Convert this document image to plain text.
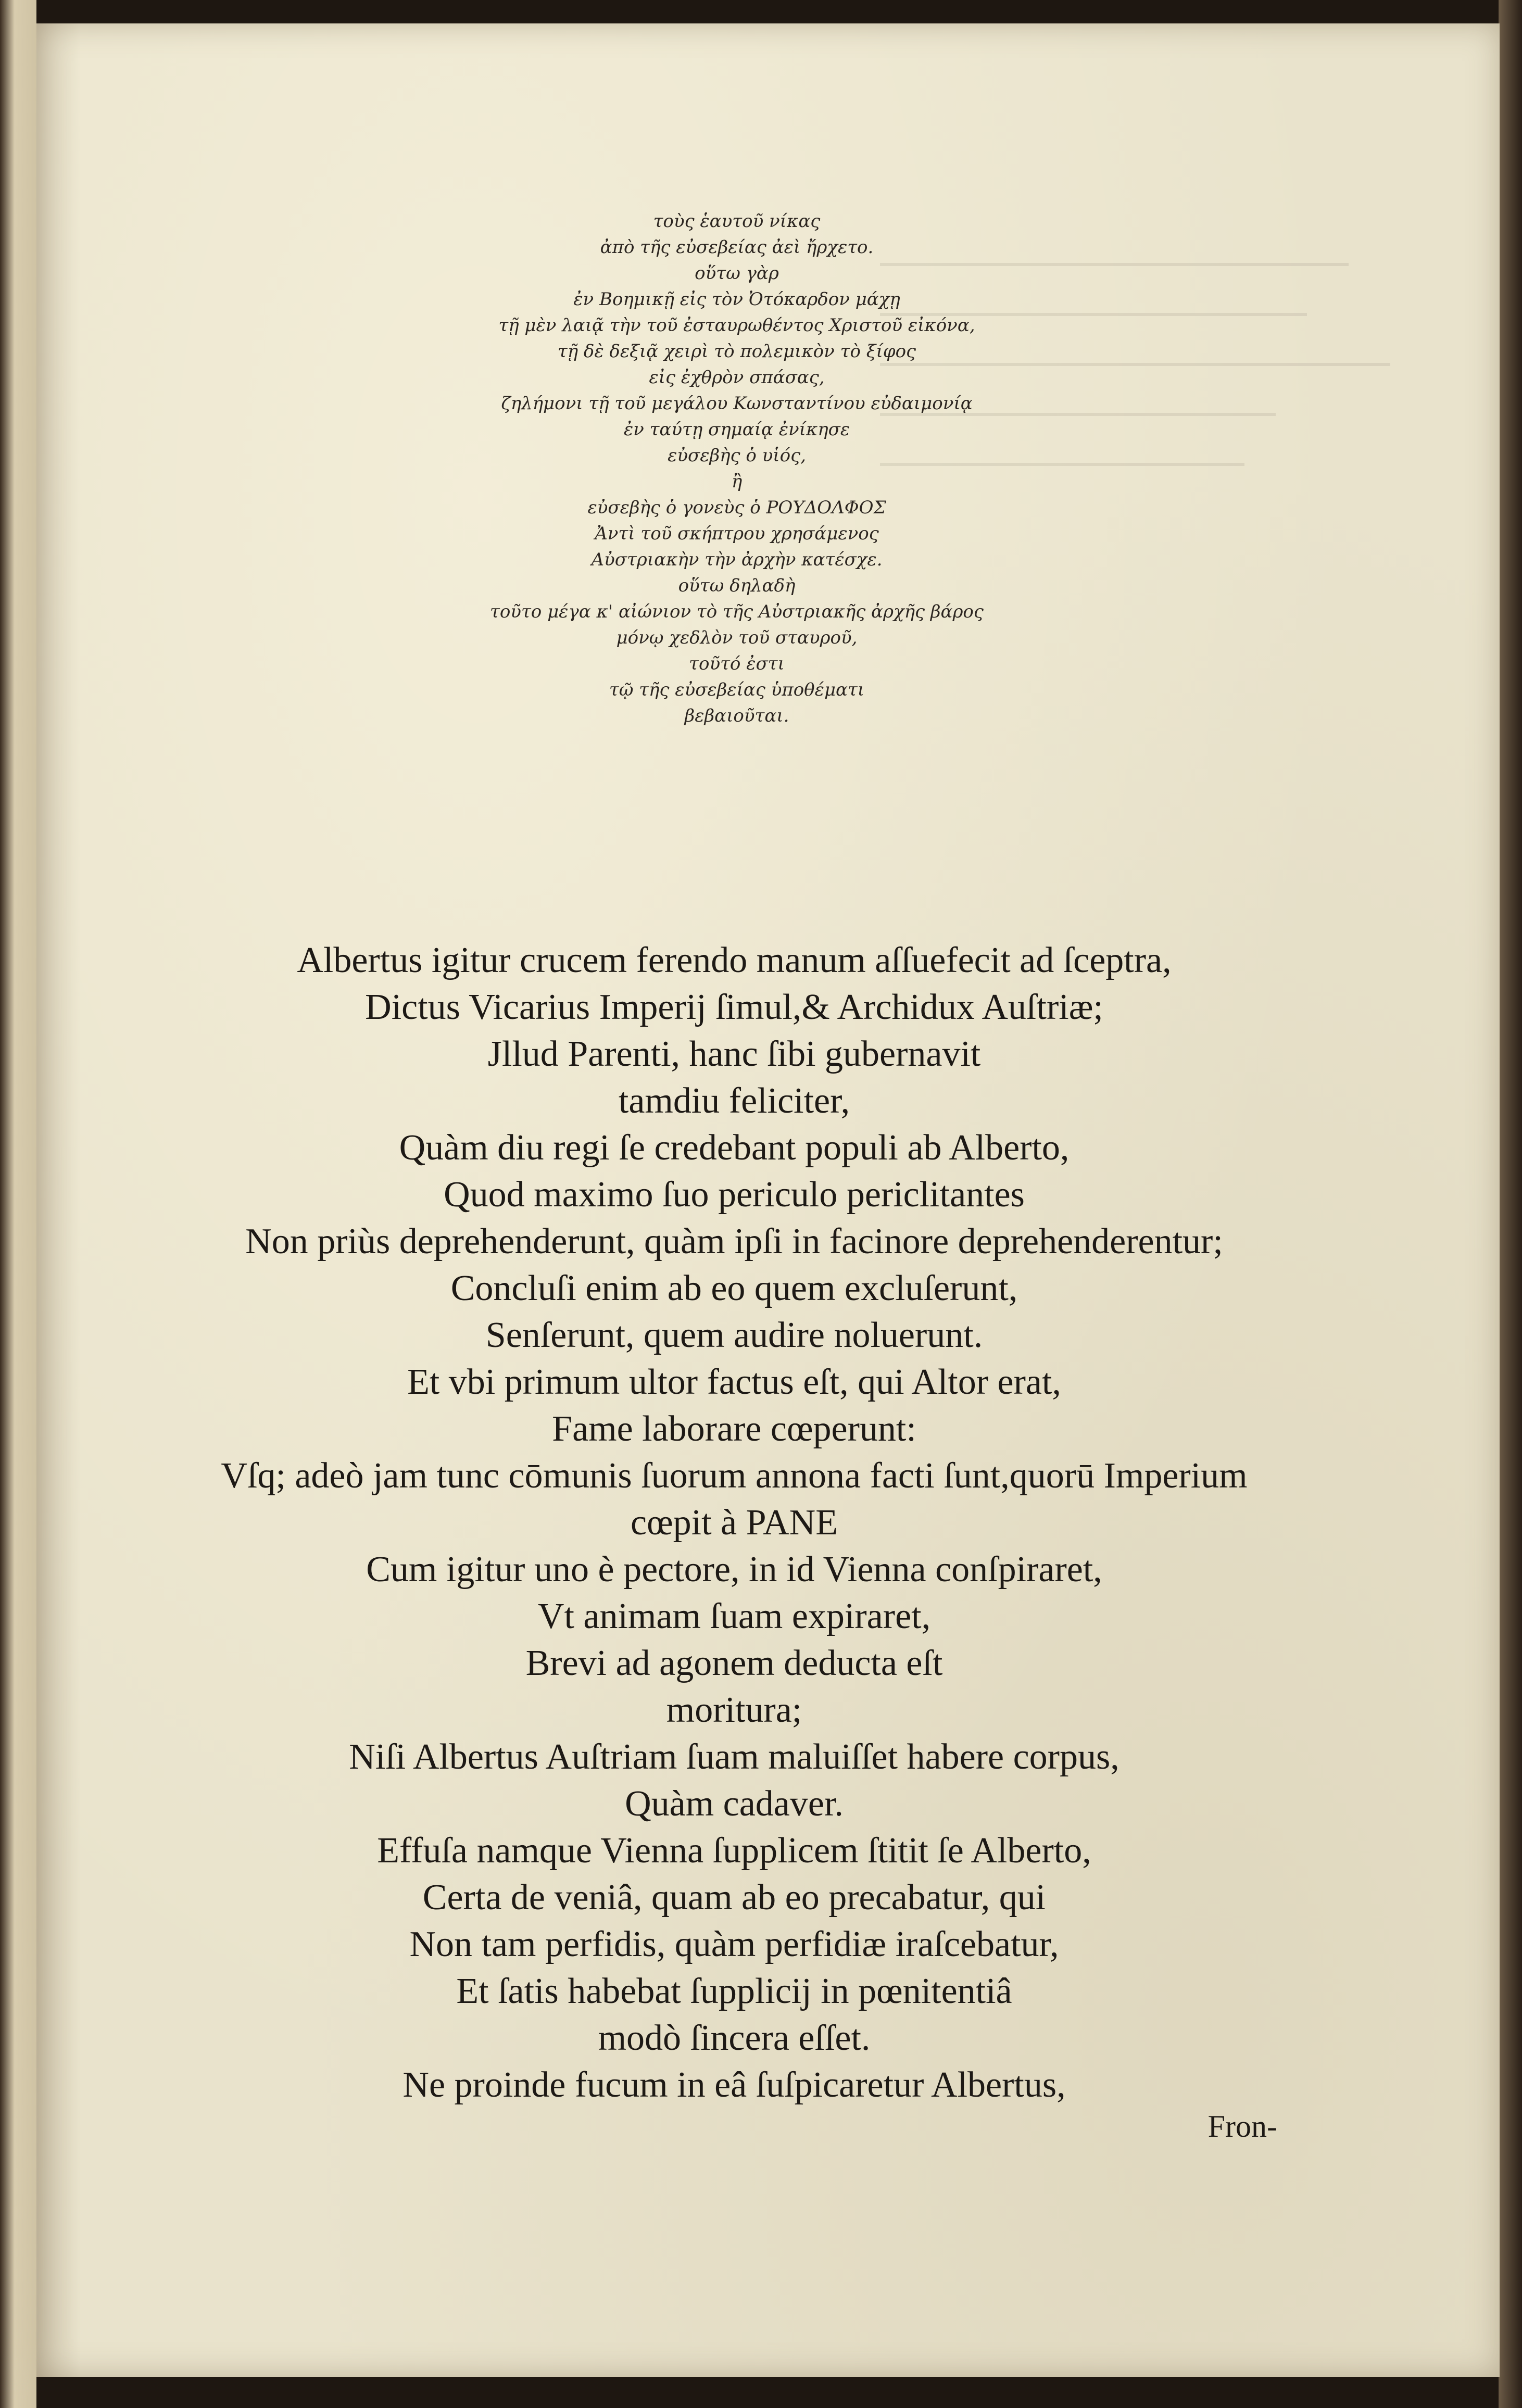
τοὺς ἑαυτοῦ νίκας
ἀπὸ τῆς εὐσεβείας ἀεὶ ἤρχετο.
οὕτω γὰρ
ἐν Βοημικῇ εἰς τὸν Ὀτόκαρδον μάχῃ
τῇ μὲν λαιᾷ τὴν τοῦ ἐσταυρωθέντος Χριστοῦ εἰκόνα,
τῇ δὲ δεξιᾷ χειρὶ τὸ πολεμικὸν τὸ ξίφος
εἰς ἐχθρὸν σπάσας,
ζηλήμονι τῇ τοῦ μεγάλου Κωνσταντίνου εὐδαιμονίᾳ
ἐν ταύτῃ σημαίᾳ ἐνίκησε
εὐσεβὴς ὁ υἱός,
ἢ
εὐσεβὴς ὁ γονεὺς ὁ ΡΟΥΔΟΛΦΟΣ
Ἀντὶ τοῦ σκήπτρου χρησάμενος
Αὐστριακὴν τὴν ἀρχὴν κατέσχε.
οὕτω δηλαδὴ
τοῦτο μέγα κ' αἰώνιον τὸ τῆς Αὐστριακῆς ἀρχῆς βάρος
μόνῳ χεδλὸν τοῦ σταυροῦ,
τοῦτό ἐστι
τῷ τῆς εὐσεβείας ὑποθέματι
βεβαιοῦται.
Albertus igitur crucem ferendo manum aſſuefecit ad ſceptra,
Dictus Vicarius Imperij ſimul,& Archidux Auſtriæ;
Jllud Parenti, hanc ſibi gubernavit
tamdiu feliciter,
Quàm diu regi ſe credebant populi ab Alberto,
Quod maximo ſuo periculo periclitantes
Non priùs deprehenderunt, quàm ipſi in facinore deprehenderentur;
Concluſi enim ab eo quem excluſerunt,
Senſerunt, quem audire noluerunt.
Et vbi primum ultor factus eſt, qui Altor erat,
Fame laborare cœperunt:
Vſq; adeò jam tunc cōmunis ſuorum annona facti ſunt,quorū Imperium
cœpit à PANE
Cum igitur uno è pectore, in id Vienna conſpiraret,
Vt animam ſuam expiraret,
Brevi ad agonem deducta eſt
moritura;
Niſi Albertus Auſtriam ſuam maluiſſet habere corpus,
Quàm cadaver.
Effuſa namque Vienna ſupplicem ſtitit ſe Alberto,
Certa de veniâ, quam ab eo precabatur, qui
Non tam perfidis, quàm perfidiæ iraſcebatur,
Et ſatis habebat ſupplicij in pœnitentiâ
modò ſincera eſſet.
Ne proinde fucum in eâ ſuſpicaretur Albertus,
Fron-
